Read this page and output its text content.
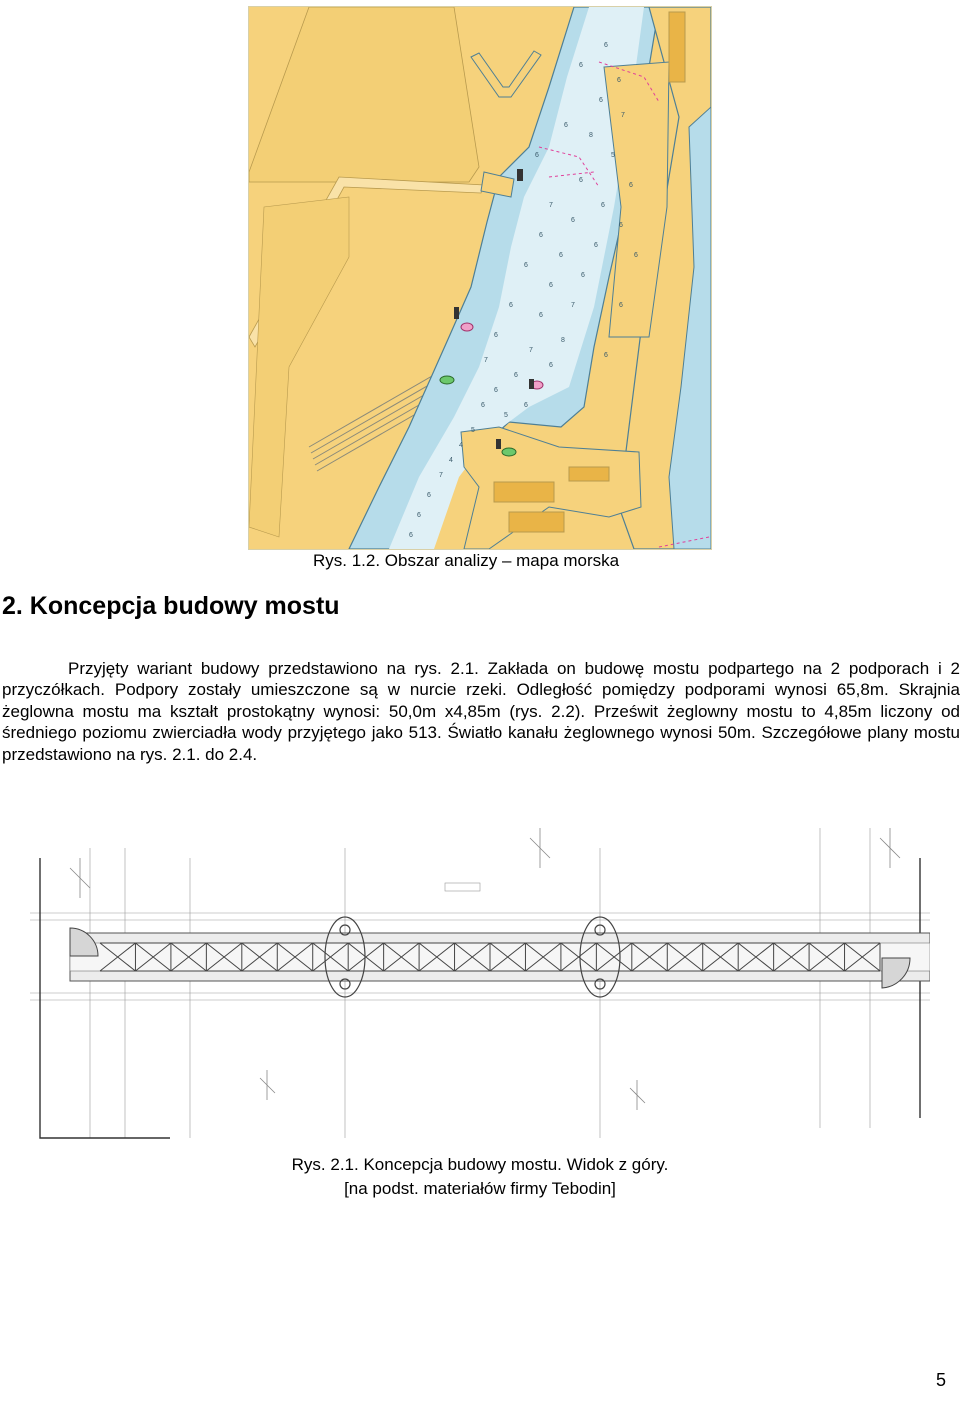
6
6
6
7
8
5
6
6
6
6
6
6
6
7
6
8
7
6
6
6
6
6
5
5
4
4
7
6
6
6
6
6
6
6
6
6
7
6
6
6
7
6
6
6
Rys. 1.2. Obszar analizy – mapa morska
2. Koncepcja budowy mostu
Przyjęty wariant budowy przedstawiono na rys. 2.1. Zakłada on budowę mostu podpartego na 2 podporach i 2 przyczółkach. Podpory zostały umieszczone są w nurcie rzeki. Odległość pomiędzy podporami wynosi 65,8m. Skrajnia żeglowna mostu ma kształt prostokątny wynosi: 50,0m x4,85m (rys. 2.2). Prześwit żeglowny mostu to 4,85m liczony od średniego poziomu zwierciadła wody przyjętego jako 513. Światło kanału żeglownego wynosi 50m. Szczegółowe plany mostu przedstawiono na rys. 2.1. do 2.4.
Rys. 2.1. Koncepcja budowy mostu. Widok z góry.
[na podst. materiałów firmy Tebodin]
5
